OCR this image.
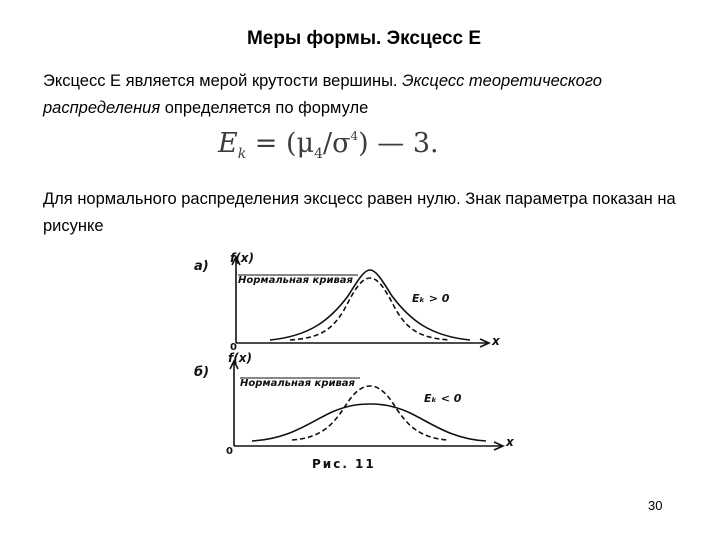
Меры формы. Эксцесс Е
Эксцесс Е является мерой крутости вершины. Эксцесс теоретического распределения определяется по формуле
$E_k = (\mu_4/\sigma^4)$ — 3.
Для нормального распределения эксцесс равен нулю. Знак параметра показан на рисунке
а)
f(x)
Нормальная кривая
Eₖ > 0
0	x
б)
f(x)
Нормальная кривая
Eₖ < 0
0
x
Рис. 11
30
